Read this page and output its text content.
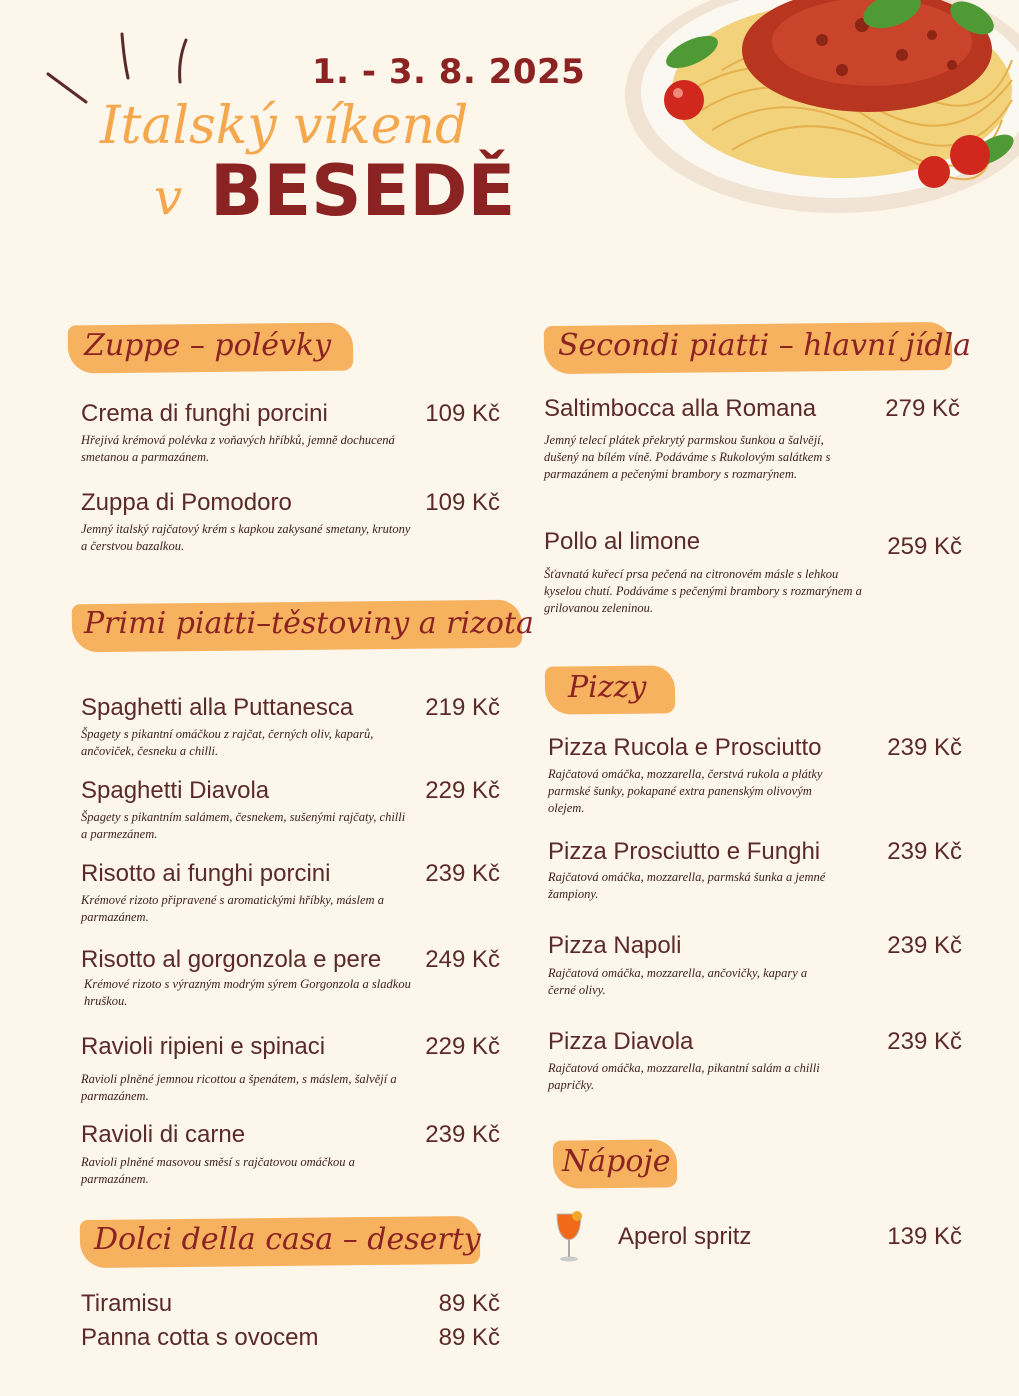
1. - 3. 8. 2025
Italský víkend
v BESEDĚ
Zuppe – polévky
Crema di funghi porcini	109 Kč
Hřejivá krémová polévka z voňavých hříbků, jemně dochucená smetanou a parmazánem.
Zuppa di Pomodoro	109 Kč
Jemný italský rajčatový krém s kapkou zakysané smetany, krutony a čerstvou bazalkou.
Primi piatti–těstoviny a rizota
Spaghetti alla Puttanesca	219 Kč
Špagety s pikantní omáčkou z rajčat, černých oliv, kaparů, ančoviček, česneku a chilli.
Spaghetti Diavola	229 Kč
Špagety s pikantním salámem, česnekem, sušenými rajčaty, chilli a parmezánem.
Risotto ai funghi porcini	239 Kč
Krémové rizoto připravené s aromatickými hříbky, máslem a parmazánem.
Risotto al gorgonzola e pere	249 Kč
Krémové rizoto s výrazným modrým sýrem Gorgonzola a sladkou hruškou.
Ravioli ripieni e spinaci	229 Kč
Ravioli plněné jemnou ricottou a špenátem, s máslem, šalvějí a parmazánem.
Ravioli di carne	239 Kč
Ravioli plněné masovou směsí s rajčatovou omáčkou a parmazánem.
Dolci della casa – deserty
Tiramisu	89 Kč
Panna cotta s ovocem	89 Kč
Secondi piatti – hlavní jídla
Saltimbocca alla Romana	279 Kč
Jemný telecí plátek překrytý parmskou šunkou a šalvějí, dušený na bílém víně. Podáváme s Rukolovým salátkem s parmazánem a pečenými brambory s rozmarýnem.
Pollo al limone	259 Kč
Šťavnatá kuřecí prsa pečená na citronovém másle s lehkou kyselou chutí. Podáváme s pečenými brambory s rozmarýnem a grilovanou zeleninou.
Pizzy
Pizza Rucola e Prosciutto	239 Kč
Rajčatová omáčka, mozzarella, čerstvá rukola a plátky parmské šunky, pokapané extra panenským olivovým olejem.
Pizza Prosciutto e Funghi	239 Kč
Rajčatová omáčka, mozzarella, parmská šunka a jemné žampiony.
Pizza Napoli	239 Kč
Rajčatová omáčka, mozzarella, ančovičky, kapary a černé olivy.
Pizza Diavola	239 Kč
Rajčatová omáčka, mozzarella, pikantní salám a chilli papričky.
Nápoje
Aperol spritz	139 Kč
